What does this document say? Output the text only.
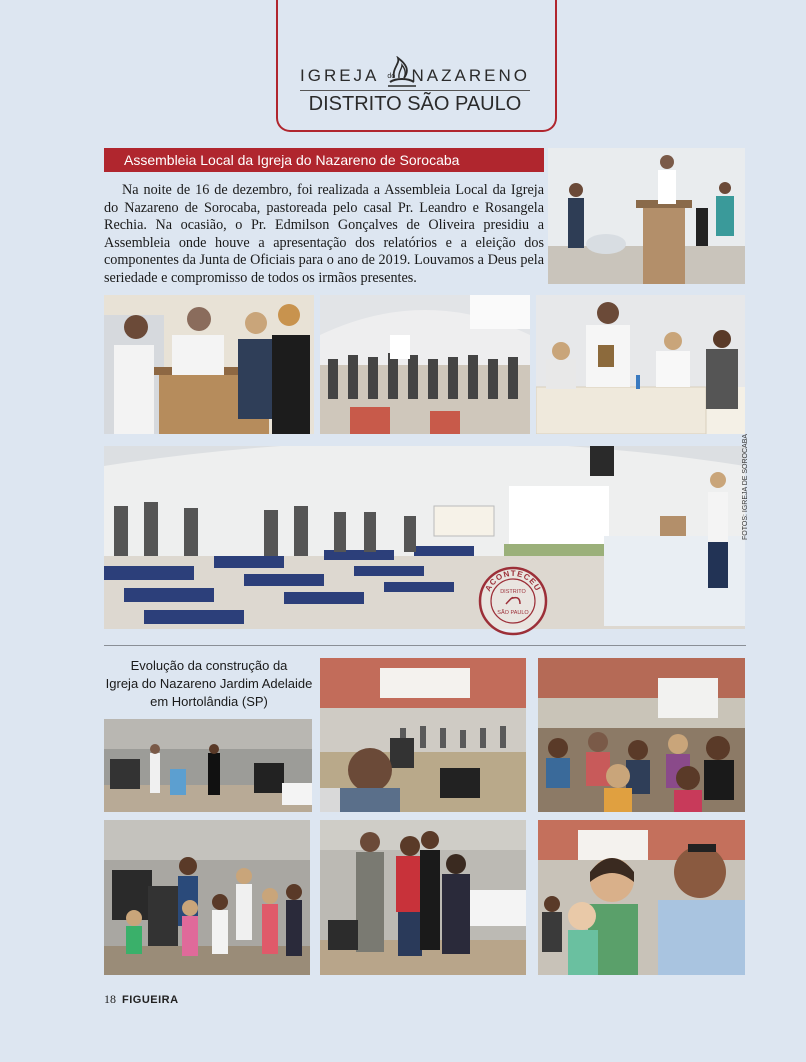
IGREJA do NAZARENO
DISTRITO SÃO PAULO
Assembleia Local da Igreja do Nazareno de Sorocaba

Na noite de 16 de dezembro, foi realizada a Assembleia Local da Igreja do Nazareno de Sorocaba, pastoreada pelo casal Pr. Leandro e Rosangela Rechia. Na ocasião, o Pr. Edmilson Gonçalves de Oliveira presidiu a Assembleia onde houve a apresentação dos relatórios e a eleição dos componentes da Junta de Oficiais para o ano de 2019. Louvamos a Deus pela seriedade e compromisso de todos os irmãos presentes.

FOTOS: IGREJA DE SOROCABA
ACONTECEU
DISTRITO
SÃO PAULO
Evolução da construção da
Igreja do Nazareno Jardim Adelaide
em Hortolândia (SP)
18 FIGUEIRA
